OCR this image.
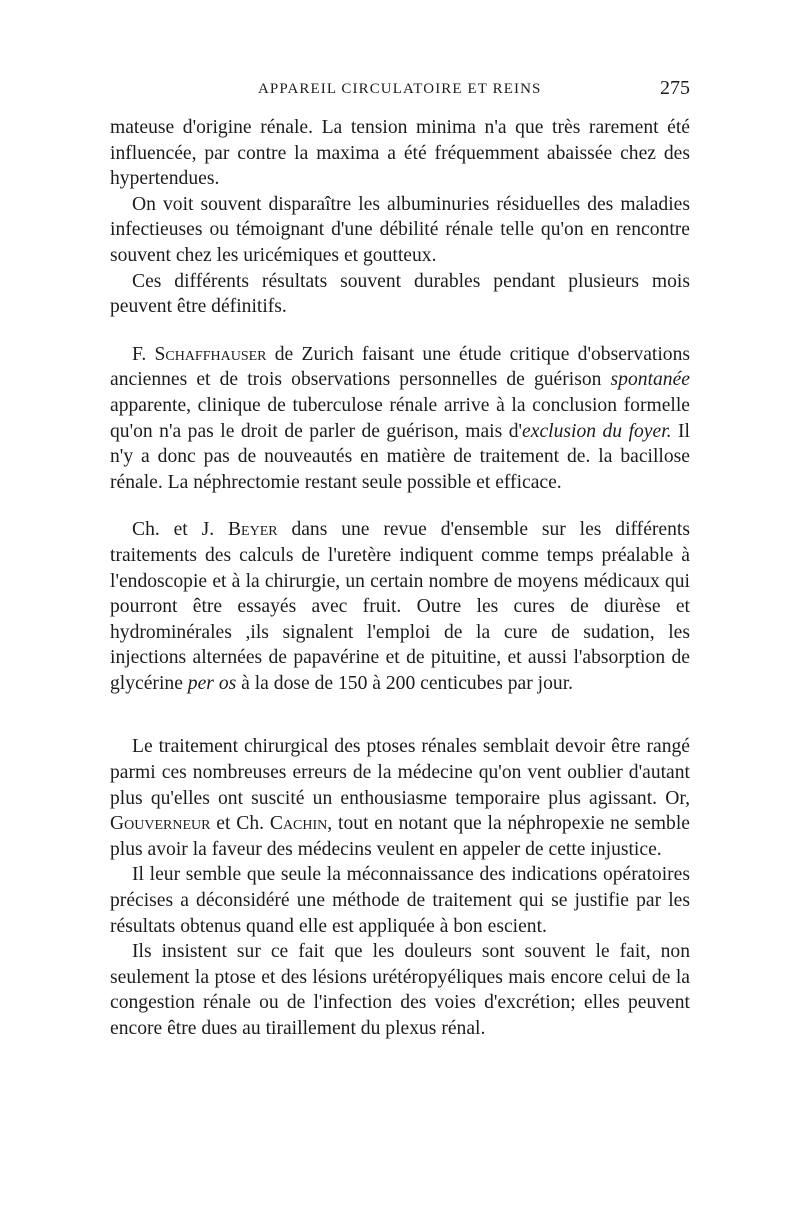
APPAREIL CIRCULATOIRE ET REINS	275

mateuse d'origine rénale. La tension minima n'a que très rarement été influencée, par contre la maxima a été fréquemment abaissée chez des hypertendues.

On voit souvent disparaître les albuminuries résiduelles des maladies infectieuses ou témoignant d'une débilité rénale telle qu'on en rencontre souvent chez les uricémiques et goutteux.

Ces différents résultats souvent durables pendant plusieurs mois peuvent être définitifs.

F. Schaffhauser de Zurich faisant une étude critique d'observations anciennes et de trois observations personnelles de guérison spontanée apparente, clinique de tuberculose rénale arrive à la conclusion formelle qu'on n'a pas le droit de parler de guérison, mais d'exclusion du foyer. Il n'y a donc pas de nouveautés en matière de traitement de. la bacillose rénale. La néphrectomie restant seule possible et efficace.

Ch. et J. Beyer dans une revue d'ensemble sur les différents traitements des calculs de l'uretère indiquent comme temps préalable à l'endoscopie et à la chirurgie, un certain nombre de moyens médicaux qui pourront être essayés avec fruit. Outre les cures de diurèse et hydrominérales ,ils signalent l'emploi de la cure de sudation, les injections alternées de papavérine et de pituitine, et aussi l'absorption de glycérine per os à la dose de 150 à 200 centicubes par jour.

Le traitement chirurgical des ptoses rénales semblait devoir être rangé parmi ces nombreuses erreurs de la médecine qu'on vent oublier d'autant plus qu'elles ont suscité un enthousiasme temporaire plus agissant. Or, Gouverneur et Ch. Cachin, tout en notant que la néphropexie ne semble plus avoir la faveur des médecins veulent en appeler de cette injustice.

Il leur semble que seule la méconnaissance des indications opératoires précises a déconsidéré une méthode de traitement qui se justifie par les résultats obtenus quand elle est appliquée à bon escient.

Ils insistent sur ce fait que les douleurs sont souvent le fait, non seulement la ptose et des lésions urétéropyéliques mais encore celui de la congestion rénale ou de l'infection des voies d'excrétion; elles peuvent encore être dues au tiraillement du plexus rénal.
